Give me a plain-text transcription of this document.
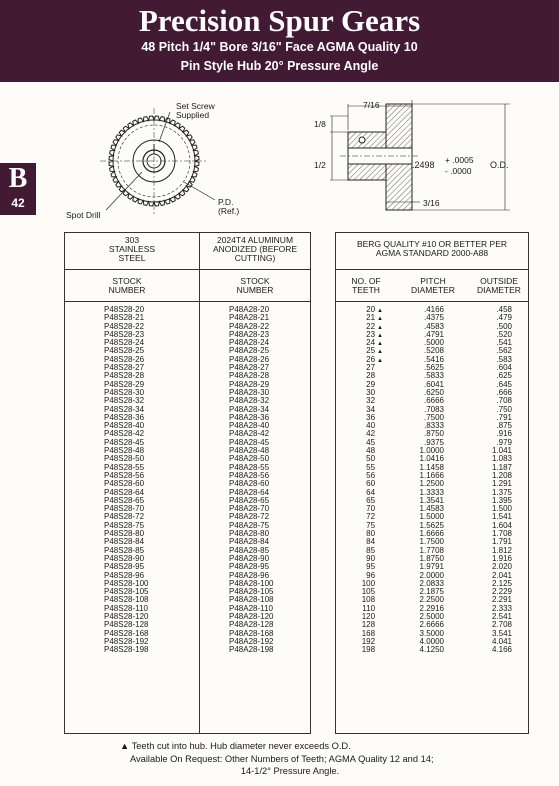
Precision Spur Gears
48 Pitch 1/4" Bore 3/16" Face AGMA Quality 10
Pin Style Hub 20° Pressure Angle
B
42
Set Screw Supplied
Spot Drill
P.D. (Ref.)
7/16
1/8
1/2	.2498 + .0005
- .0000
O.D.
3/16
303 STAINLESS STEEL
2024T4 ALUMINUM ANODIZED (BEFORE CUTTING)
BERG QUALITY #10 OR BETTER PER AGMA STANDARD 2000-A88
STOCK NUMBER
STOCK NUMBER
NO. OF TEETH
PITCH DIAMETER
OUTSIDE DIAMETER
P48S28-20
P48S28-21
P48S28-22
P48S28-23
P48S28-24
P48S28-25
P48S28-26
P48S28-27
P48S28-28
P48S28-29
P48S28-30
P48S28-32
P48S28-34
P48S28-36
P48S28-40
P48S28-42
P48S28-45
P48S28-48
P48S28-50
P48S28-55
P48S28-56
P48S28-60
P48S28-64
P48S28-65
P48S28-70
P48S28-72
P48S28-75
P48S28-80
P48S28-84
P48S28-85
P48S28-90
P48S28-95
P48S28-96
P48S28-100
P48S28-105
P48S28-108
P48S28-110
P48S28-120
P48S28-128
P48S28-168
P48S28-192
P48S28-198
P48A28-20
P48A28-21
P48A28-22
P48A28-23
P48A28-24
P48A28-25
P48A28-26
P48A28-27
P48A28-28
P48A28-29
P48A28-30
P48A28-32
P48A28-34
P48A28-36
P48A28-40
P48A28-42
P48A28-45
P48A28-48
P48A28-50
P48A28-55
P48A28-56
P48A28-60
P48A28-64
P48A28-65
P48A28-70
P48A28-72
P48A28-75
P48A28-80
P48A28-84
P48A28-85
P48A28-90
P48A28-95
P48A28-96
P48A28-100
P48A28-105
P48A28-108
P48A28-110
P48A28-120
P48A28-128
P48A28-168
P48A28-192
P48A28-198
20 ▲
21 ▲
22 ▲
23 ▲
24 ▲
25 ▲
26 ▲
27
28
29
30
32
34
36
40
42
45
48
50
55
56
60
64
65
70
72
75
80
84
85
90
95
96
100
105
108
110
120
128
168
192
198
.4166
.4375
.4583
.4791
.5000
.5208
.5416
.5625
.5833
.6041
.6250
.6666
.7083
.7500
.8333
.8750
.9375
1.0000
1.0416
1.1458
1.1666
1.2500
1.3333
1.3541
1.4583
1.5000
1.5625
1.6666
1.7500
1.7708
1.8750
1.9791
2.0000
2.0833
2.1875
2.2500
2.2916
2.5000
2.6666
3.5000
4.0000
4.1250
.458
.479
.500
.520
.541
.562
.583
.604
.625
.645
.666
.708
.750
.791
.875
.916
.979
1.041
1.083
1.187
1.208
1.291
1.375
1.395
1.500
1.541
1.604
1.708
1.791
1.812
1.916
2.020
2.041
2.125
2.229
2.291
2.333
2.541
2.708
3.541
4.041
4.166
▲ Teeth cut into hub. Hub diameter never exceeds O.D.
Available On Request: Other Numbers of Teeth; AGMA Quality 12 and 14;
14-1/2° Pressure Angle.
